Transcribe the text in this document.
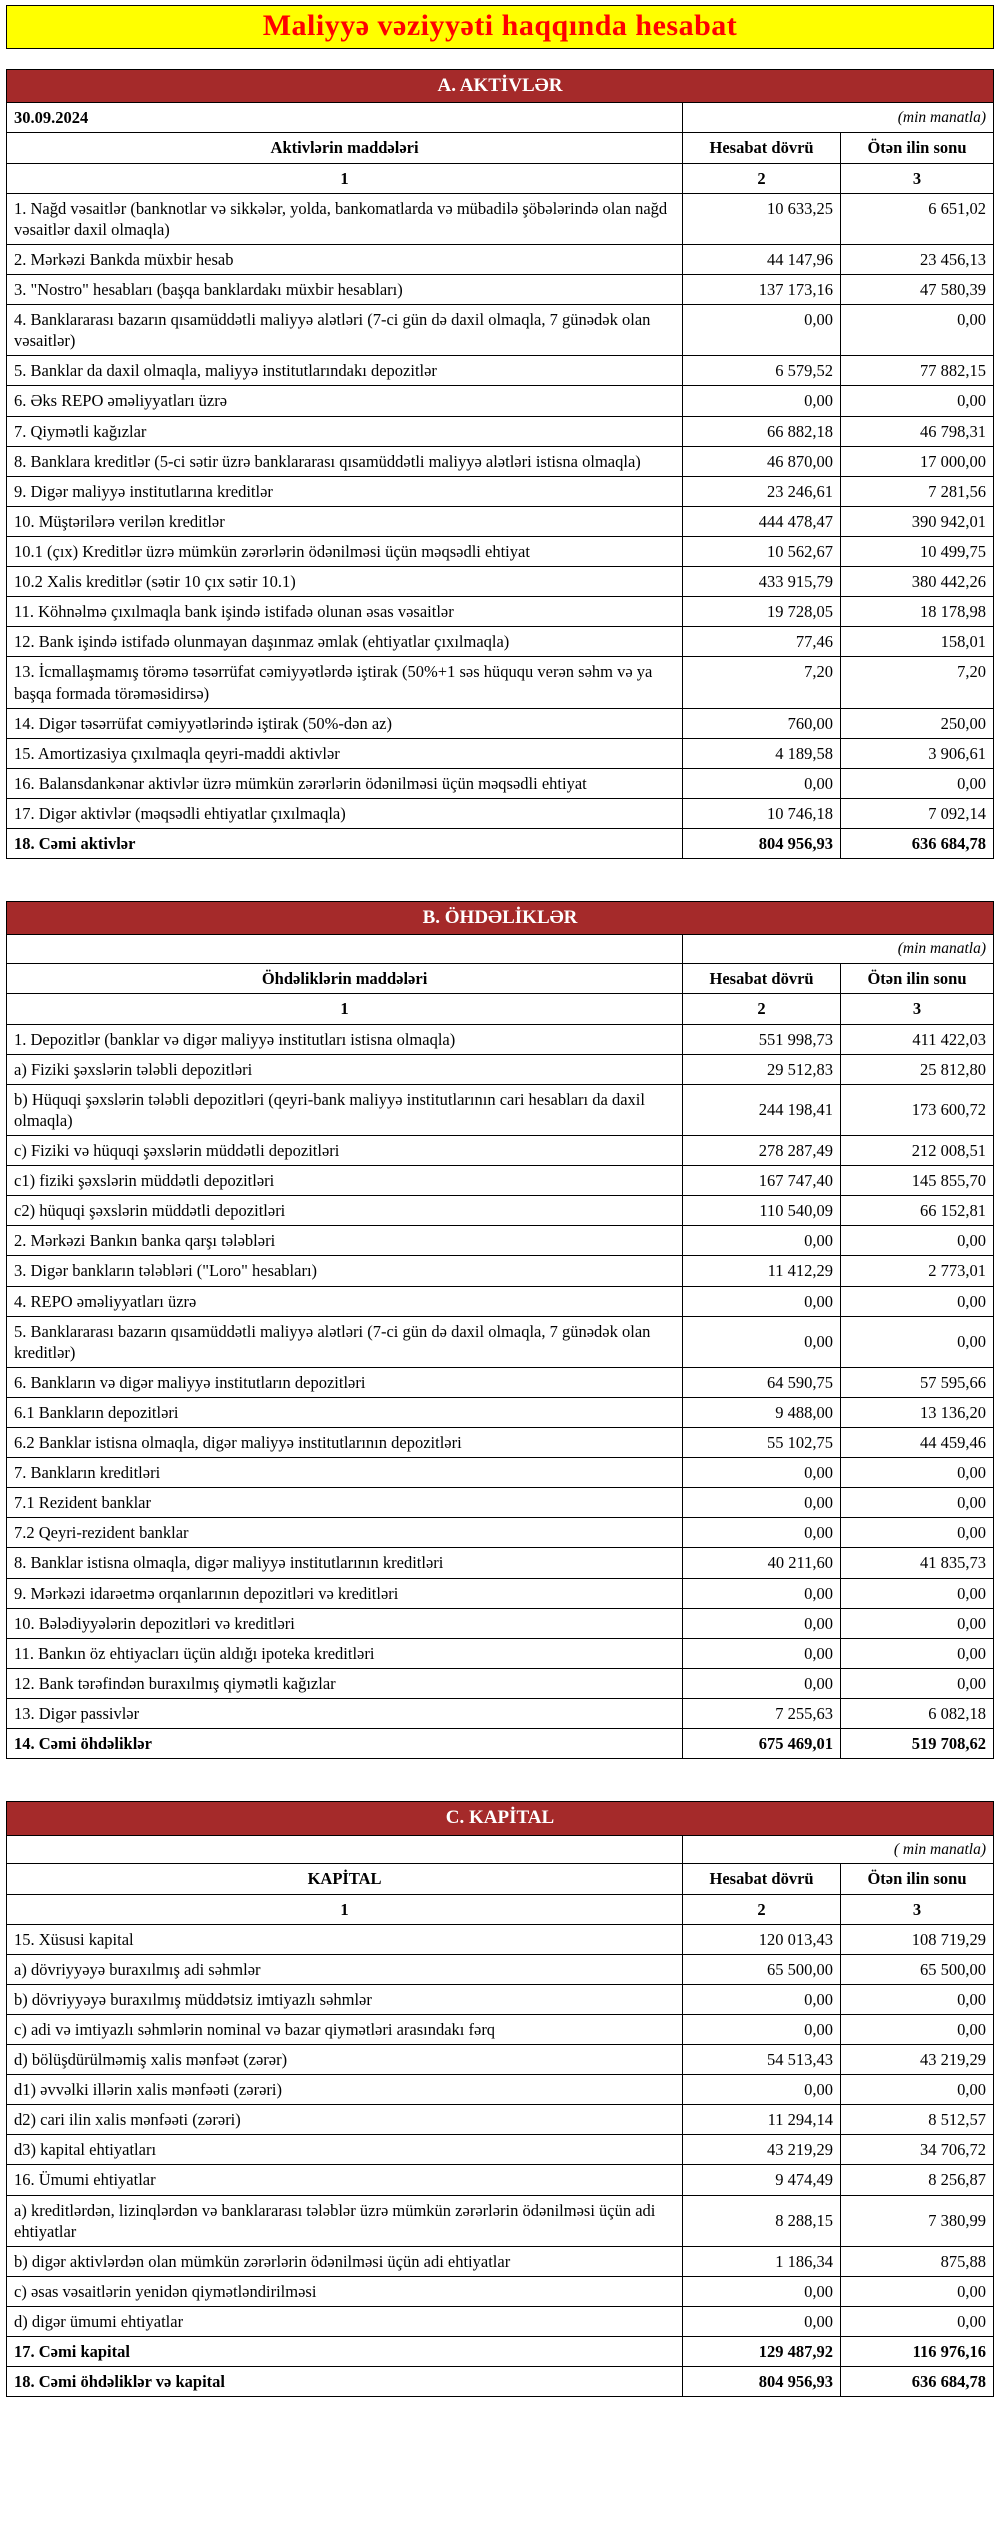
Maliyyə vəziyyəti haqqında hesabat
A. AKTİVLƏR		
30.09.2024	(min manatla)	
Aktivlərin maddələri	Hesabat dövrü	Ötən ilin sonu
1	2	3
1. Nağd vəsaitlər (banknotlar və sikkələr, yolda, bankomatlarda və mübadilə şöbələrində olan nağd vəsaitlər daxil olmaqla)	10 633,25	6 651,02
2. Mərkəzi Bankda müxbir hesab	44 147,96	23 456,13
3. "Nostro" hesabları (başqa banklardakı müxbir hesabları)	137 173,16	47 580,39
4. Banklararası bazarın qısamüddətli maliyyə alətləri (7-ci gün də daxil olmaqla, 7 günədək olan vəsaitlər)	0,00	0,00
5. Banklar da daxil olmaqla, maliyyə institutlarındakı depozitlər	6 579,52	77 882,15
6. Əks REPO əməliyyatları üzrə	0,00	0,00
7. Qiymətli kağızlar	66 882,18	46 798,31
8. Banklara kreditlər (5-ci sətir üzrə banklararası qısamüddətli maliyyə alətləri istisna olmaqla)	46 870,00	17 000,00
9. Digər maliyyə institutlarına kreditlər	23 246,61	7 281,56
10. Müştərilərə verilən kreditlər	444 478,47	390 942,01
10.1 (çıx) Kreditlər üzrə mümkün zərərlərin ödənilməsi üçün məqsədli ehtiyat	10 562,67	10 499,75
10.2 Xalis kreditlər (sətir 10 çıx sətir 10.1)	433 915,79	380 442,26
11. Köhnəlmə çıxılmaqla bank işində istifadə olunan əsas vəsaitlər	19 728,05	18 178,98
12. Bank işində istifadə olunmayan daşınmaz əmlak (ehtiyatlar çıxılmaqla)	77,46	158,01
13. İcmallaşmamış törəmə təsərrüfat cəmiyyətlərdə iştirak (50%+1 səs hüququ verən səhm və ya başqa formada törəməsidirsə)	7,20	7,20
14. Digər təsərrüfat cəmiyyətlərində iştirak (50%-dən az)	760,00	250,00
15. Amortizasiya çıxılmaqla qeyri-maddi aktivlər	4 189,58	3 906,61
16. Balansdankənar aktivlər üzrə mümkün zərərlərin ödənilməsi üçün məqsədli ehtiyat	0,00	0,00
17. Digər aktivlər (məqsədli ehtiyatlar çıxılmaqla)	10 746,18	7 092,14
18. Cəmi aktivlər	804 956,93	636 684,78
B. ÖHDƏLİKLƏR		
	(min manatla)	
Öhdəliklərin maddələri	Hesabat dövrü	Ötən ilin sonu
1	2	3
1. Depozitlər (banklar və digər maliyyə institutları istisna olmaqla)	551 998,73	411 422,03
a) Fiziki şəxslərin tələbli depozitləri	29 512,83	25 812,80
b) Hüquqi şəxslərin tələbli depozitləri (qeyri-bank maliyyə institutlarının cari hesabları da daxil olmaqla)	244 198,41	173 600,72
c) Fiziki və hüquqi şəxslərin müddətli depozitləri	278 287,49	212 008,51
c1) fiziki şəxslərin müddətli depozitləri	167 747,40	145 855,70
c2) hüquqi şəxslərin müddətli depozitləri	110 540,09	66 152,81
2. Mərkəzi Bankın banka qarşı tələbləri	0,00	0,00
3. Digər bankların tələbləri ("Loro" hesabları)	11 412,29	2 773,01
4. REPO əməliyyatları üzrə	0,00	0,00
5. Banklararası bazarın qısamüddətli maliyyə alətləri (7-ci gün də daxil olmaqla, 7 günədək olan kreditlər)	0,00	0,00
6. Bankların və digər maliyyə institutların depozitləri	64 590,75	57 595,66
6.1 Bankların depozitləri	9 488,00	13 136,20
6.2 Banklar istisna olmaqla, digər maliyyə institutlarının depozitləri	55 102,75	44 459,46
7. Bankların kreditləri	0,00	0,00
7.1 Rezident banklar	0,00	0,00
7.2 Qeyri-rezident banklar	0,00	0,00
8. Banklar istisna olmaqla, digər maliyyə institutlarının kreditləri	40 211,60	41 835,73
9. Mərkəzi idarəetmə orqanlarının depozitləri və kreditləri	0,00	0,00
10. Bələdiyyələrin depozitləri və kreditləri	0,00	0,00
11. Bankın öz ehtiyacları üçün aldığı ipoteka kreditləri	0,00	0,00
12. Bank tərəfindən buraxılmış qiymətli kağızlar	0,00	0,00
13. Digər passivlər	7 255,63	6 082,18
14. Cəmi öhdəliklər	675 469,01	519 708,62
C. KAPİTAL		
	( min manatla)	
KAPİTAL	Hesabat dövrü	Ötən ilin sonu
1	2	3
15. Xüsusi kapital	120 013,43	108 719,29
a) dövriyyəyə buraxılmış adi səhmlər	65 500,00	65 500,00
b) dövriyyəyə buraxılmış müddətsiz imtiyazlı səhmlər	0,00	0,00
c) adi və imtiyazlı səhmlərin nominal və bazar qiymətləri arasındakı fərq	0,00	0,00
d) bölüşdürülməmiş xalis mənfəət (zərər)	54 513,43	43 219,29
d1) əvvəlki illərin xalis mənfəəti (zərəri)	0,00	0,00
d2) cari ilin xalis mənfəəti (zərəri)	11 294,14	8 512,57
d3) kapital ehtiyatları	43 219,29	34 706,72
16. Ümumi ehtiyatlar	9 474,49	8 256,87
a) kreditlərdən, lizinqlərdən və banklararası tələblər üzrə mümkün zərərlərin ödənilməsi üçün adi ehtiyatlar	8 288,15	7 380,99
b) digər aktivlərdən olan mümkün zərərlərin ödənilməsi üçün adi ehtiyatlar	1 186,34	875,88
c) əsas vəsaitlərin yenidən qiymətləndirilməsi	0,00	0,00
d) digər ümumi ehtiyatlar	0,00	0,00
17. Cəmi kapital	129 487,92	116 976,16
18. Cəmi öhdəliklər və kapital	804 956,93	636 684,78
